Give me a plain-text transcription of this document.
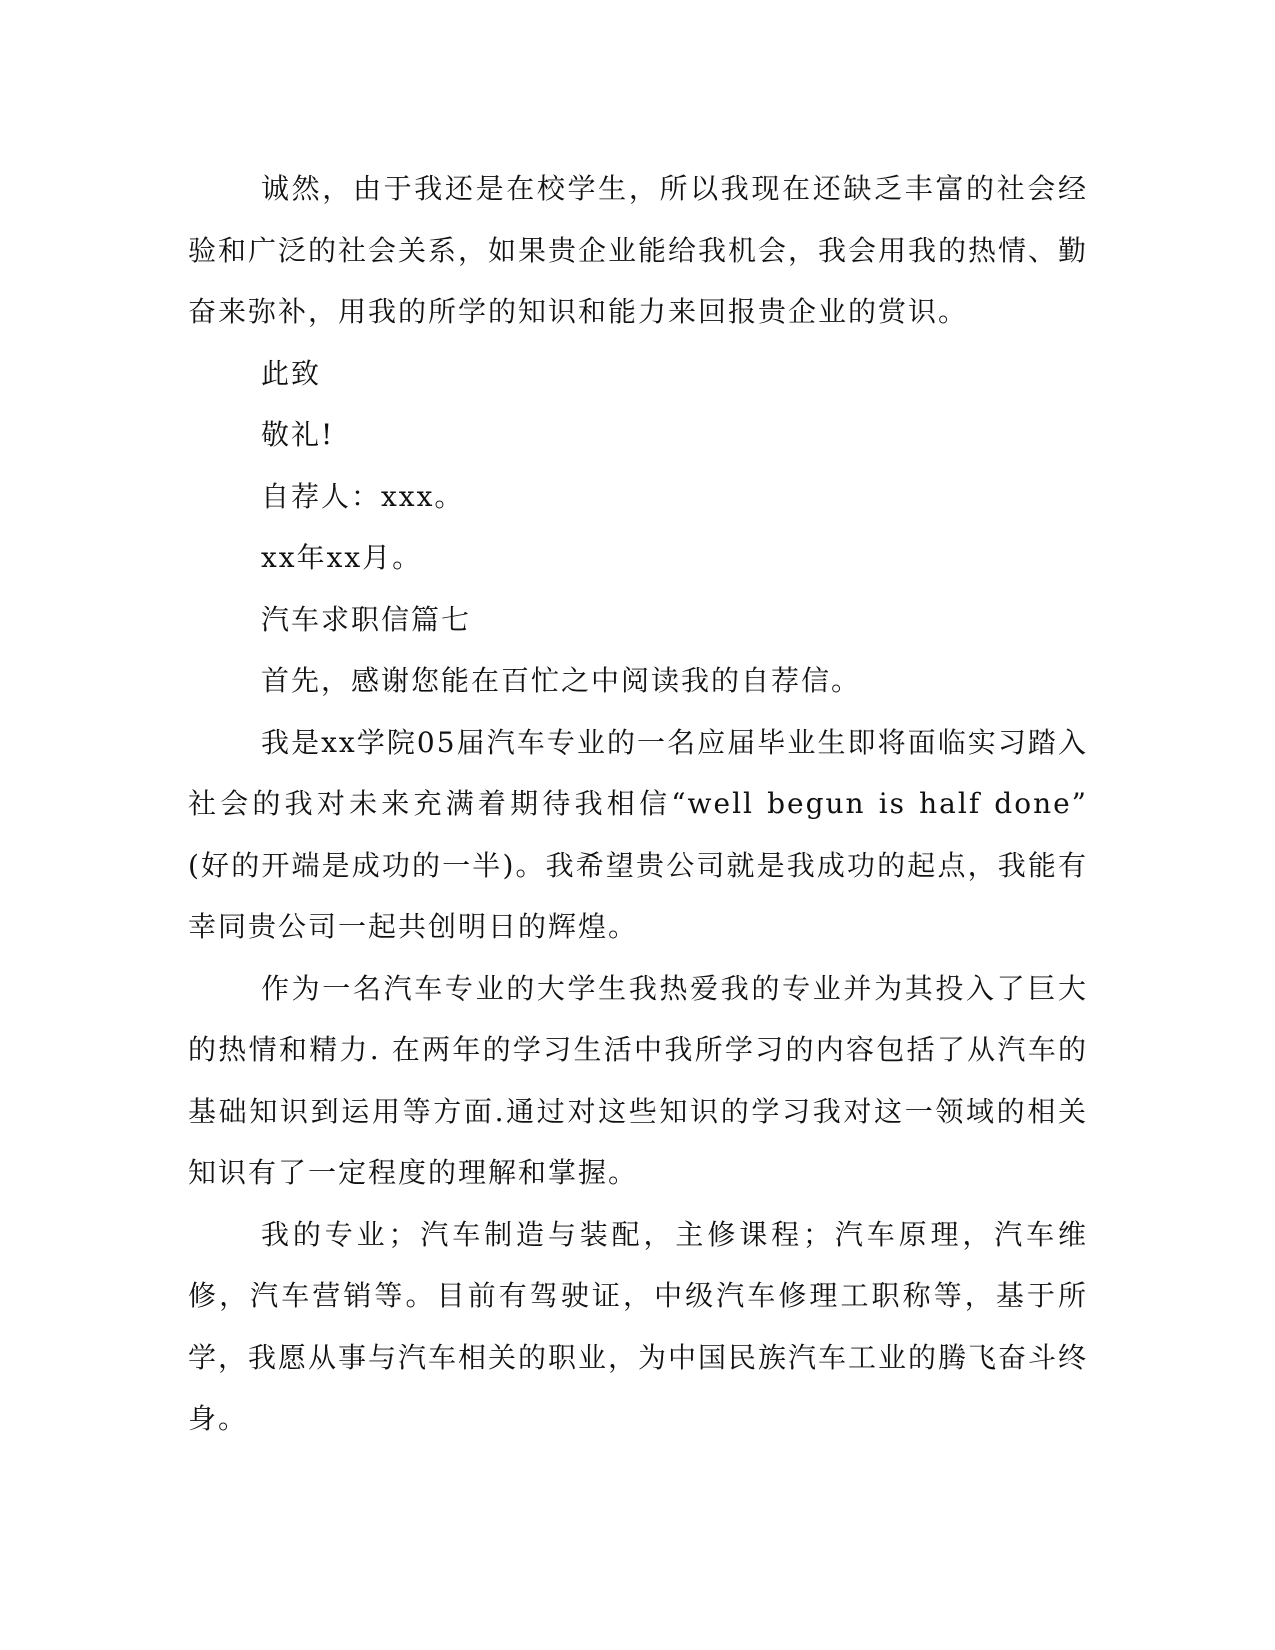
诚然，由于我还是在校学生，所以我现在还缺乏丰富的社会经验和广泛的社会关系，如果贵企业能给我机会，我会用我的热情、勤奋来弥补，用我的所学的知识和能力来回报贵企业的赏识。

此致

敬礼!

自荐人：xxx。

xx年xx月。

汽车求职信篇七

首先，感谢您能在百忙之中阅读我的自荐信。

我是xx学院05届汽车专业的一名应届毕业生即将面临实习踏入社会的我对未来充满着期待我相信“well begun is half done” (好的开端是成功的一半)。我希望贵公司就是我成功的起点，我能有幸同贵公司一起共创明日的辉煌。

作为一名汽车专业的大学生我热爱我的专业并为其投入了巨大的热情和精力. 在两年的学习生活中我所学习的内容包括了从汽车的基础知识到运用等方面.通过对这些知识的学习我对这一领域的相关知识有了一定程度的理解和掌握。

我的专业；汽车制造与装配，主修课程；汽车原理，汽车维修，汽车营销等。目前有驾驶证，中级汽车修理工职称等，基于所学，我愿从事与汽车相关的职业，为中国民族汽车工业的腾飞奋斗终身。
